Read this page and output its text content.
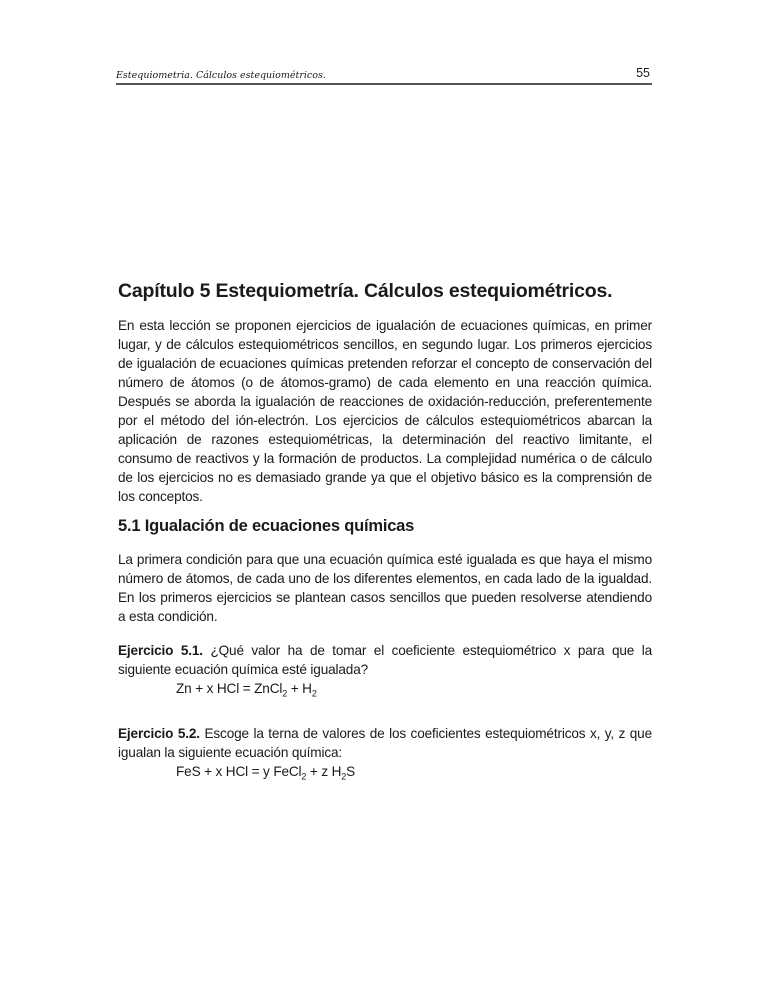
Estequiometria. Cálculos estequiométricos.	55
Capítulo 5 Estequiometría. Cálculos estequiométricos.

En esta lección se proponen ejercicios de igualación de ecuaciones químicas, en primer lugar, y de cálculos estequiométricos sencillos, en segundo lugar. Los primeros ejercicios de igualación de ecuaciones químicas pretenden reforzar el concepto de conservación del número de átomos (o de átomos-gramo) de cada elemento en una reacción química. Después se aborda la igualación de reacciones de oxidación-reducción, preferentemente por el método del ión-electrón. Los ejercicios de cálculos estequiométricos abarcan la aplicación de razones estequiométricas, la determinación del reactivo limitante, el consumo de reactivos y la formación de productos. La complejidad numérica o de cálculo de los ejercicios no es demasiado grande ya que el objetivo básico es la comprensión de los conceptos.

5.1 Igualación de ecuaciones químicas

La primera condición para que una ecuación química esté igualada es que haya el mismo número de átomos, de cada uno de los diferentes elementos, en cada lado de la igualdad. En los primeros ejercicios se plantean casos sencillos que pueden resolverse atendiendo a esta condición.

Ejercicio 5.1. ¿Qué valor ha de tomar el coeficiente estequiométrico x para que la siguiente ecuación química esté igualada?

Zn + x HCl = ZnCl$_2$ + $H_2$

Ejercicio 5.2. Escoge la terna de valores de los coeficientes estequiométricos x, y, z que igualan la siguiente ecuación química:

FeS + x HCl = y FeCl$_2$ + z $H_2S$
